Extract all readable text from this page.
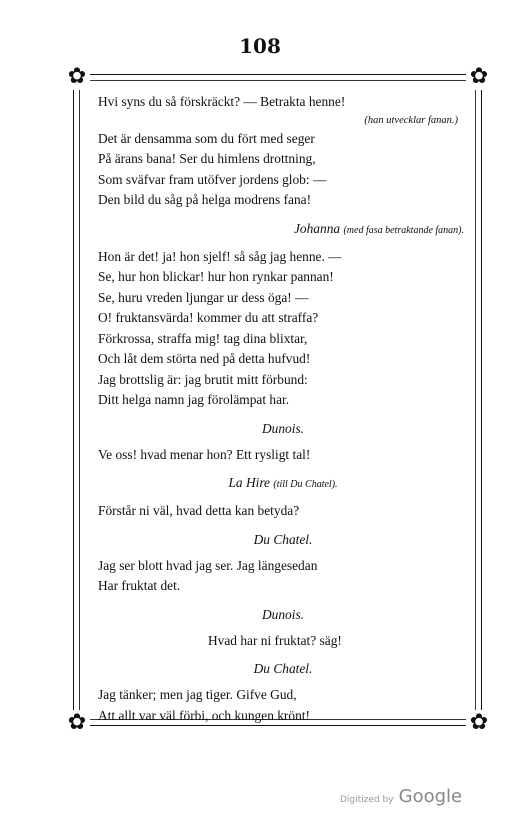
108
✿	✿
✿	✿
Hvi syns du så förskräckt? — Betrakta henne!
(han utvecklar fanan.)
Det är densamma som du fört med seger
På ärans bana! Ser du himlens drottning,
Som sväfvar fram utöfver jordens glob: —
Den bild du såg på helga modrens fana!
Johanna (med fasa betraktande fanan).
Hon är det! ja! hon sjelf! så såg jag henne. —
Se, hur hon blickar! hur hon rynkar pannan!
Se, huru vreden ljungar ur dess öga! —
O! fruktansvärda! kommer du att straffa?
Förkrossa, straffa mig! tag dina blixtar,
Och låt dem störta ned på detta hufvud!
Jag brottslig är: jag brutit mitt förbund:
Ditt helga namn jag förolämpat har.
Dunois.
Ve oss! hvad menar hon? Ett rysligt tal!
La Hire (till Du Chatel).
Förstår ni väl, hvad detta kan betyda?
Du Chatel.
Jag ser blott hvad jag ser. Jag längesedan
Har fruktat det.
Dunois.
Hvad har ni fruktat? säg!
Du Chatel.
Jag tänker; men jag tiger. Gifve Gud,
Att allt var väl förbi, och kungen krönt!
Digitized by Google
